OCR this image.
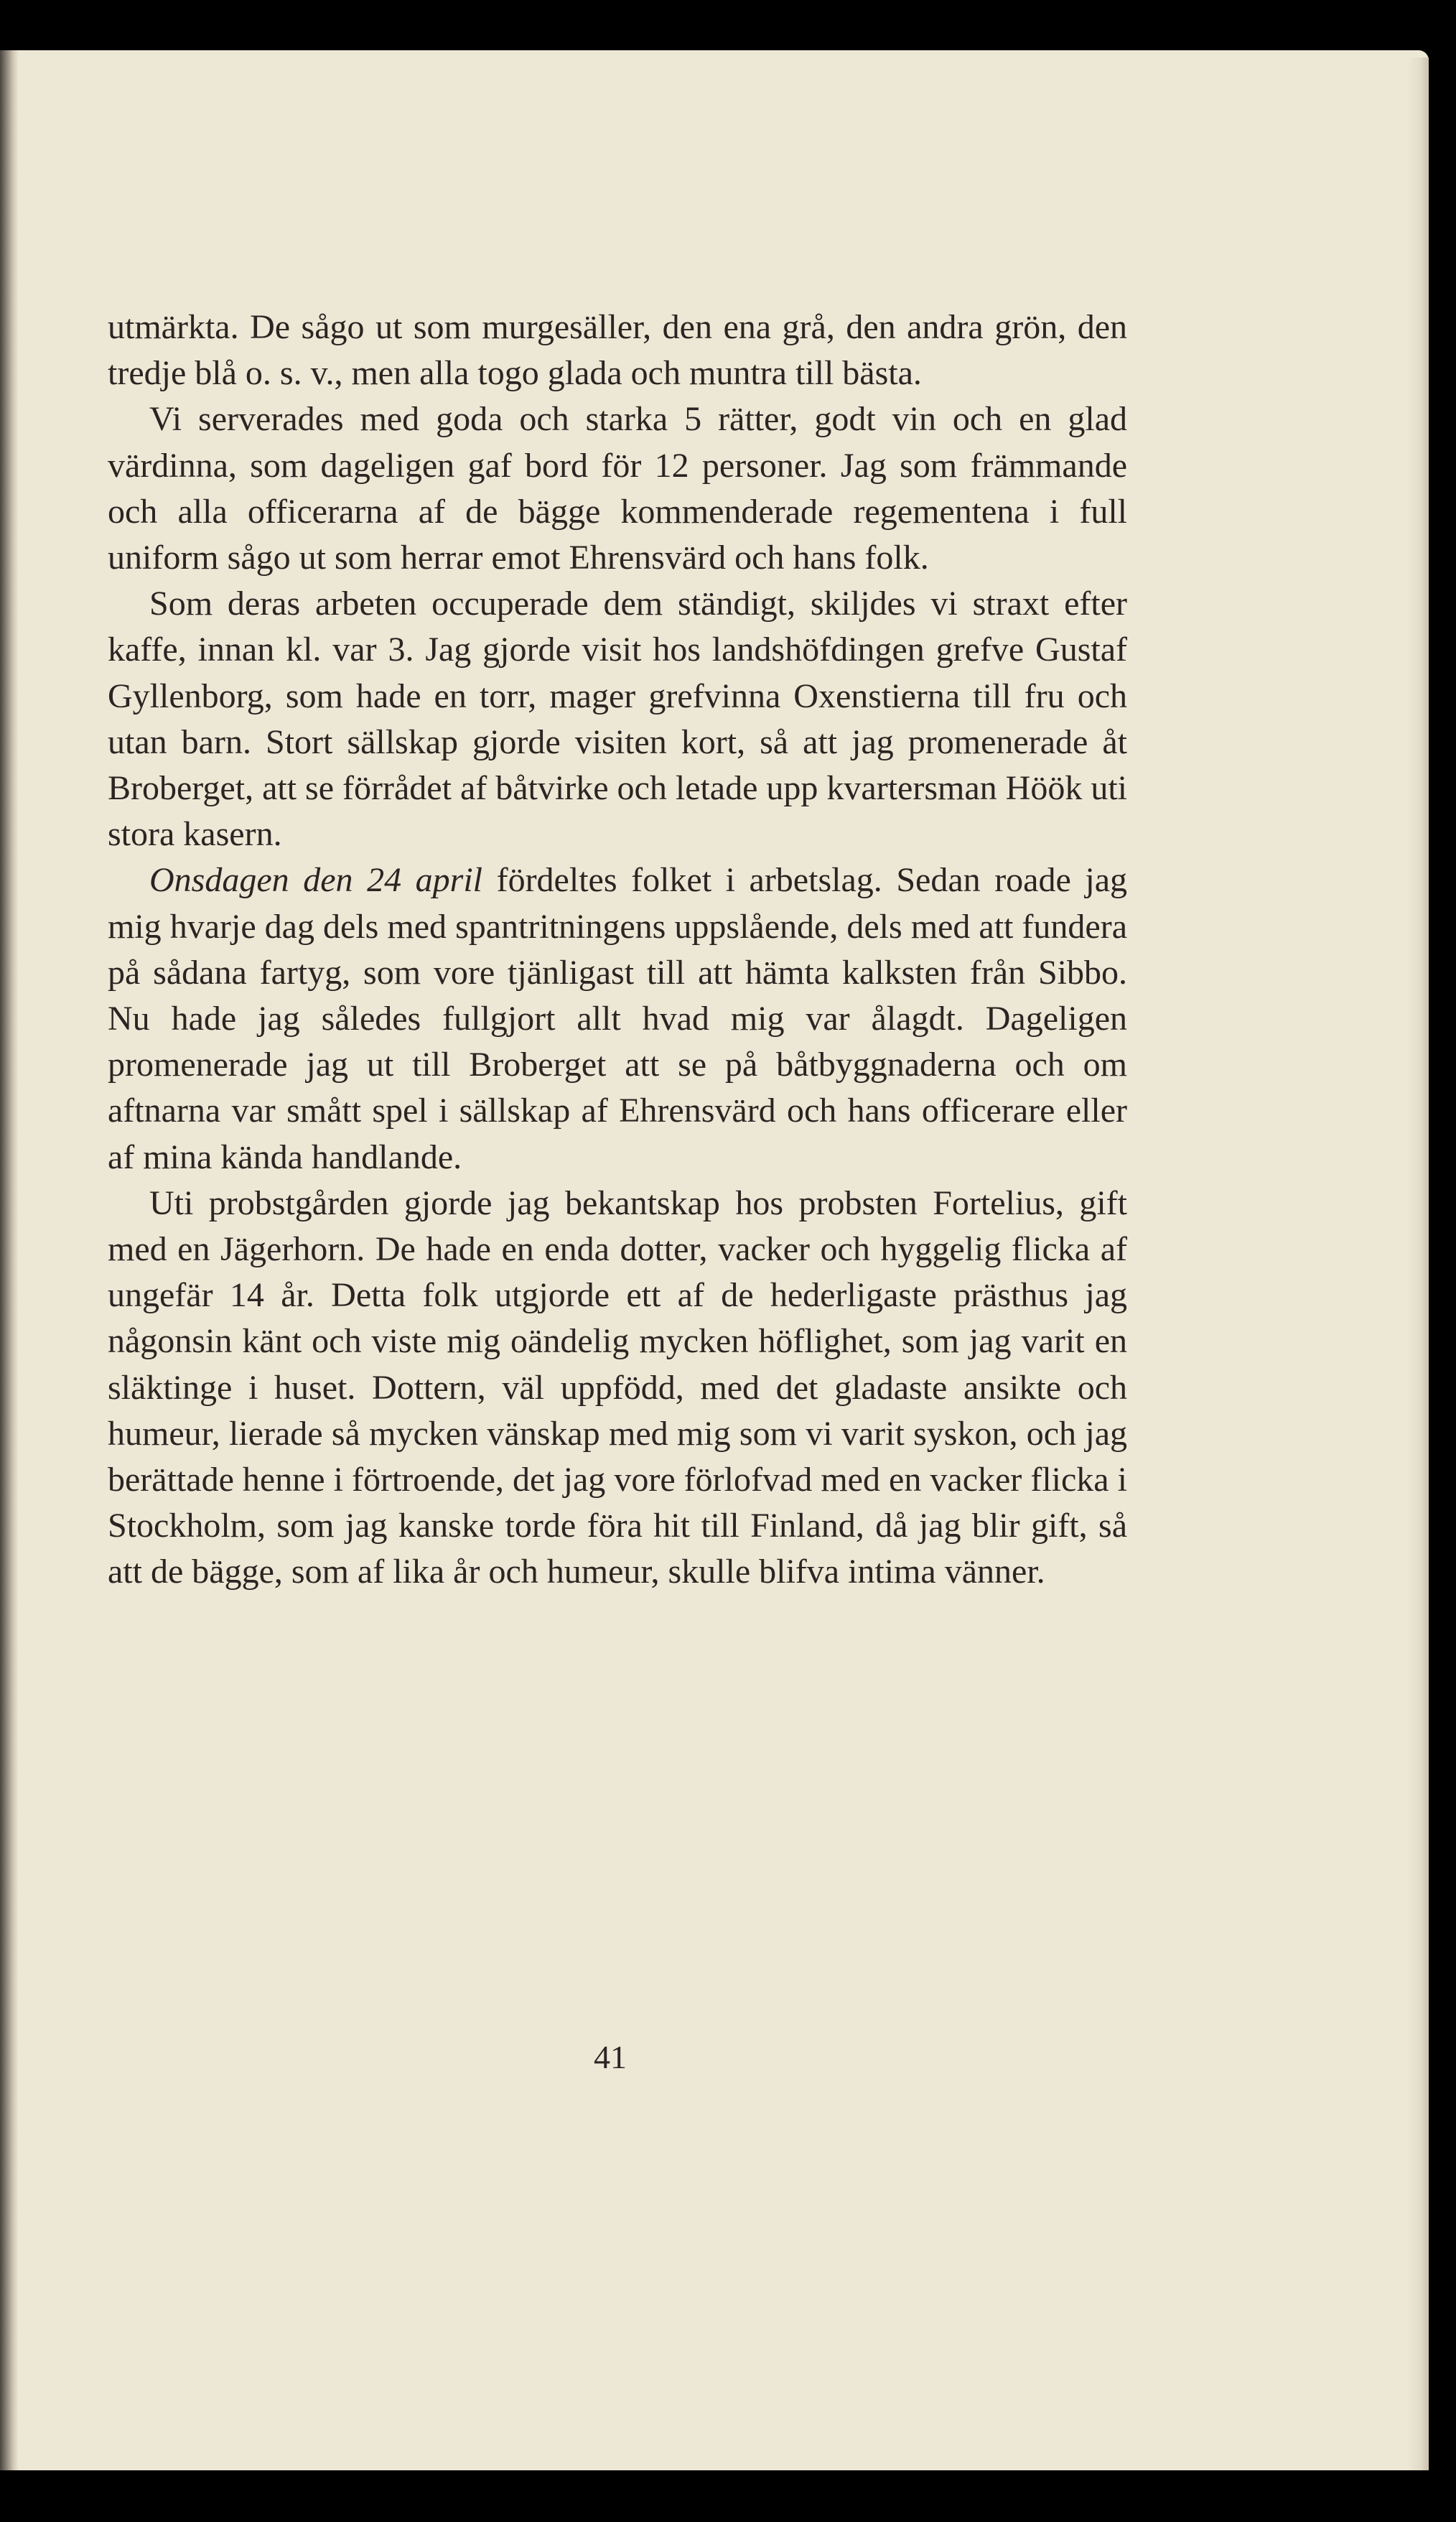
utmärkta. De sågo ut som murgesäller, den ena grå, den andra grön, den tredje blå o. s. v., men alla togo glada och muntra till bästa.

Vi serverades med goda och starka 5 rätter, godt vin och en glad värdinna, som dageligen gaf bord för 12 personer. Jag som främmande och alla officerarna af de bägge kommenderade regementena i full uniform sågo ut som herrar emot Ehrensvärd och hans folk.

Som deras arbeten occuperade dem ständigt, skiljdes vi straxt efter kaffe, innan kl. var 3. Jag gjorde visit hos landshöfdingen grefve Gustaf Gyllenborg, som hade en torr, mager grefvinna Oxenstierna till fru och utan barn. Stort sällskap gjorde visiten kort, så att jag promenerade åt Broberget, att se förrådet af båtvirke och letade upp kvartersman Höök uti stora kasern.

Onsdagen den 24 april fördeltes folket i arbetslag. Sedan roade jag mig hvarje dag dels med spantritningens uppslående, dels med att fundera på sådana fartyg, som vore tjänligast till att hämta kalksten från Sibbo. Nu hade jag således fullgjort allt hvad mig var ålagdt. Dageligen promenerade jag ut till Broberget att se på båtbyggnaderna och om aftnarna var smått spel i sällskap af Ehrensvärd och hans officerare eller af mina kända handlande.

Uti probstgården gjorde jag bekantskap hos probsten Fortelius, gift med en Jägerhorn. De hade en enda dotter, vacker och hyggelig flicka af ungefär 14 år. Detta folk utgjorde ett af de hederligaste prästhus jag någonsin känt och viste mig oändelig mycken höflighet, som jag varit en släktinge i huset. Dottern, väl uppfödd, med det gladaste ansikte och humeur, lierade så mycken vänskap med mig som vi varit syskon, och jag berättade henne i förtroende, det jag vore förlofvad med en vacker flicka i Stockholm, som jag kanske torde föra hit till Finland, då jag blir gift, så att de bägge, som af lika år och humeur, skulle blifva intima vänner.

41
